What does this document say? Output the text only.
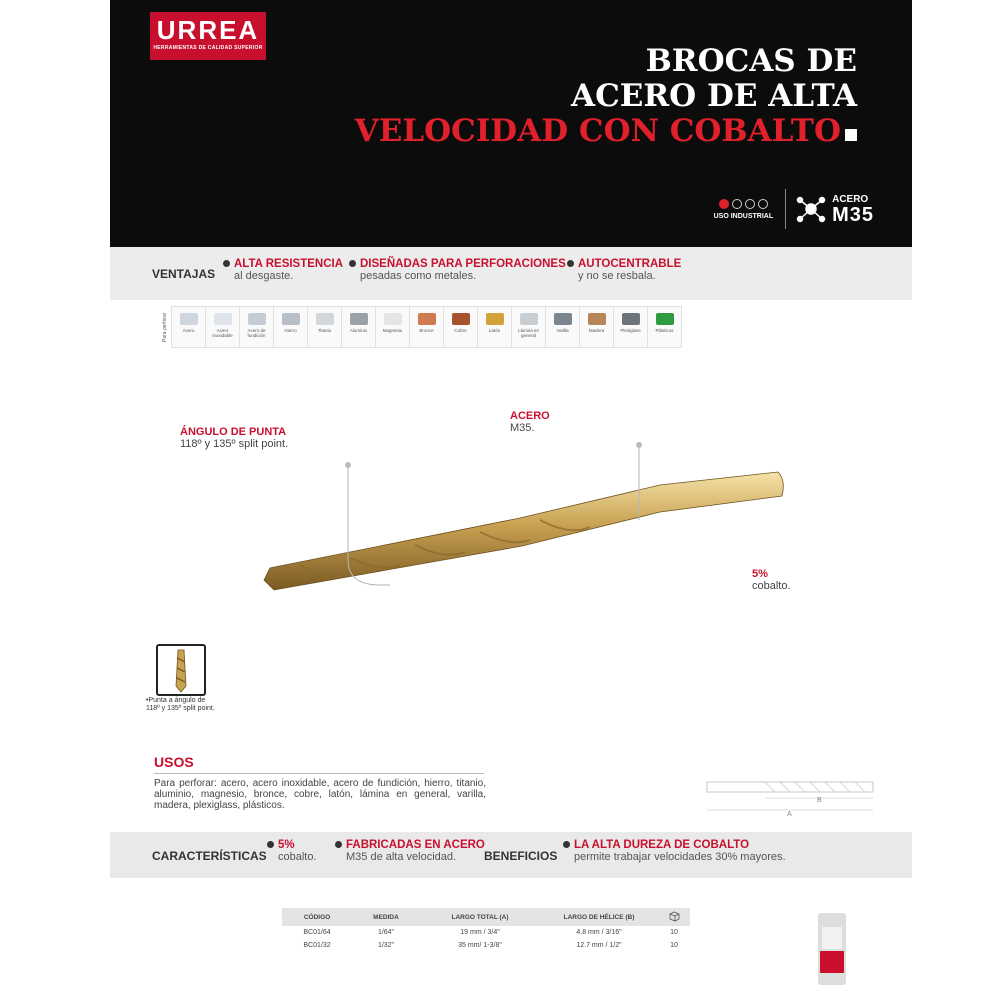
URREA
HERRAMIENTAS DE CALIDAD SUPERIOR	BROCAS DE
ACERO DE ALTA
VELOCIDAD CON COBALTO
USO INDUSTRIAL
ACERO
M35
VENTAJAS
ALTA RESISTENCIA
al desgaste.
DISEÑADAS PARA PERFORACIONES
pesadas como metales.
AUTOCENTRABLE
y no se resbala.
Para perforar	Acero	Acero inoxidable
Acero de fundición
Hierro	Titanio	Aluminio	Magnesio	Bronce	Cobre	Latón	Lámina en general
Varilla	Madera	Plexiglass	Plásticos
ÁNGULO DE PUNTA
118º y 135º split point.
ACERO
M35.
5%
cobalto.
•Punta a ángulo de 118º y 135º split point.
USOS
Para perforar: acero, acero inoxidable, acero de fundición, hierro, titanio, aluminio, magnesio, bronce, cobre, latón, lámina en general, varilla, madera, plexiglass, plásticos.	B
A
CARACTERÍSTICAS
5%
cobalto.
FABRICADAS EN ACERO
M35 de alta velocidad.	BENEFICIOS
LA ALTA DUREZA DE COBALTO
permite trabajar velocidades 30% mayores.
CÓDIGO	MEDIDA	LARGO TOTAL (A)	LARGO DE HÉLICE (B)	
BC01/64	1/64"	19 mm / 3/4"	4.8 mm / 3/16"	10
BC01/32	1/32"	35 mm/ 1-3/8"	12.7 mm / 1/2"	10
